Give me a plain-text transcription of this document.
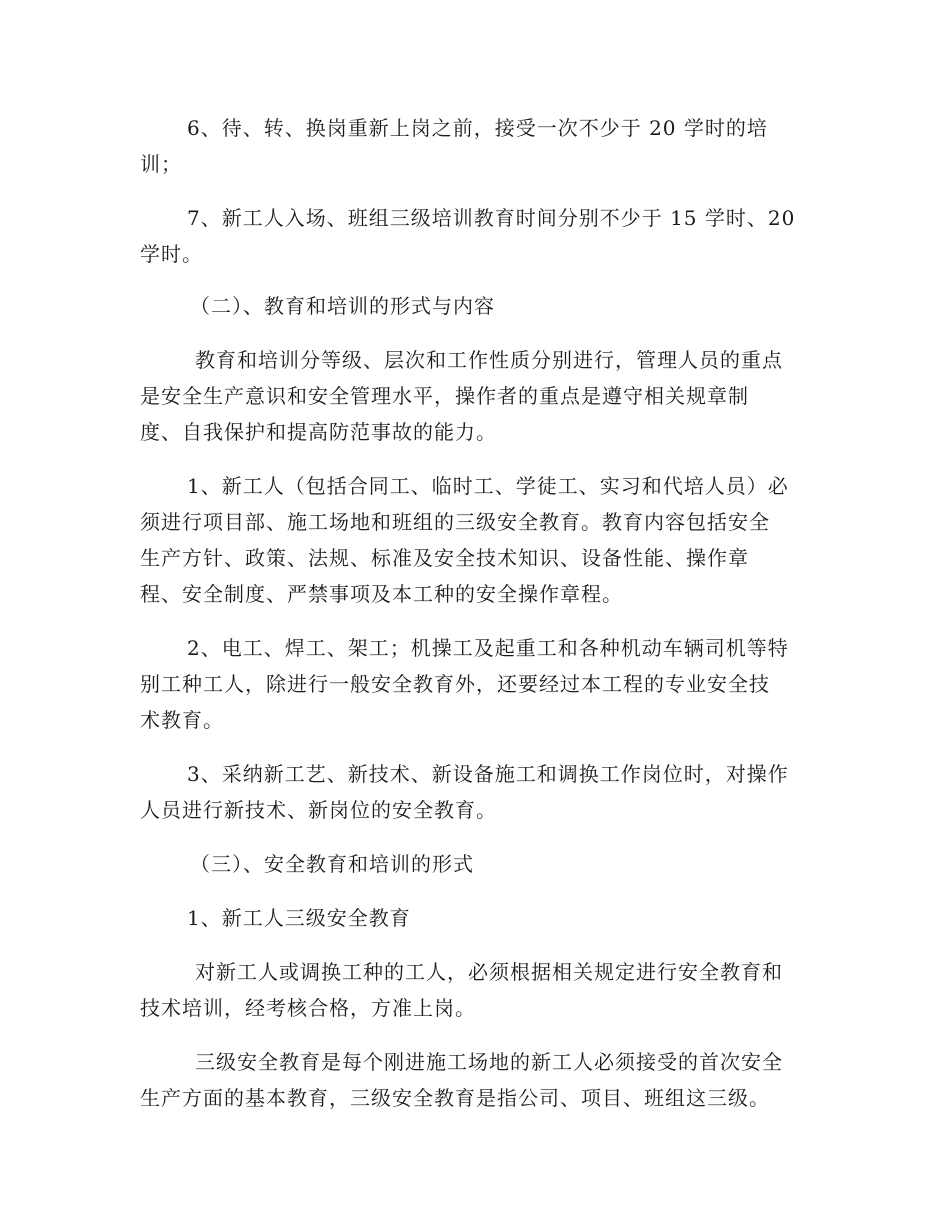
6、待、转、换岗重新上岗之前，接受一次不少于 20 学时的培
训；
7、新工人入场、班组三级培训教育时间分别不少于 15 学时、20
学时。
（二）、教育和培训的形式与内容
教育和培训分等级、层次和工作性质分别进行，管理人员的重点
是安全生产意识和安全管理水平，操作者的重点是遵守相关规章制
度、自我保护和提高防范事故的能力。
1、新工人（包括合同工、临时工、学徒工、实习和代培人员）必
须进行项目部、施工场地和班组的三级安全教育。教育内容包括安全
生产方针、政策、法规、标准及安全技术知识、设备性能、操作章
程、安全制度、严禁事项及本工种的安全操作章程。
2、电工、焊工、架工；机操工及起重工和各种机动车辆司机等特
别工种工人，除进行一般安全教育外，还要经过本工程的专业安全技
术教育。
3、采纳新工艺、新技术、新设备施工和调换工作岗位时，对操作
人员进行新技术、新岗位的安全教育。
（三）、安全教育和培训的形式
1、新工人三级安全教育
对新工人或调换工种的工人，必须根据相关规定进行安全教育和
技术培训，经考核合格，方准上岗。
三级安全教育是每个刚进施工场地的新工人必须接受的首次安全
生产方面的基本教育，三级安全教育是指公司、项目、班组这三级。
